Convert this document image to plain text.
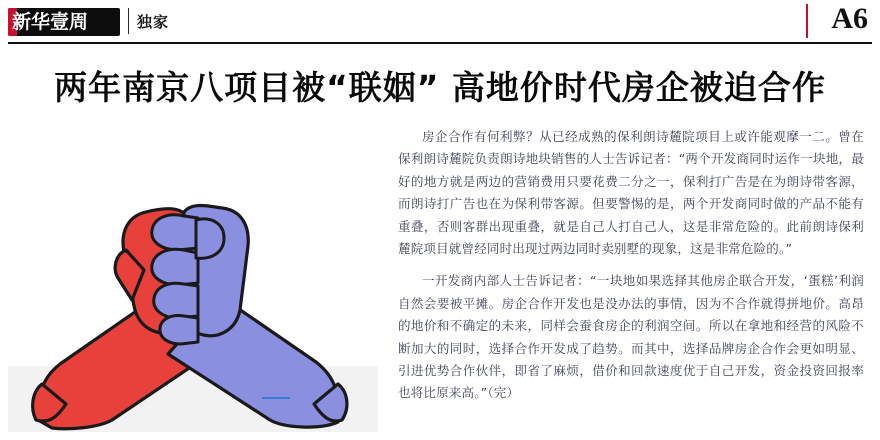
新华壹周	独家	A6
两年南京八项目被“联姻” 高地价时代房企被迫合作

房企合作有何利弊？从已经成熟的保利朗诗麓院项目上或许能观摩一二。曾在保利朗诗麓院负责朗诗地块销售的人士告诉记者：“两个开发商同时运作一块地，最好的地方就是两边的营销费用只要花费二分之一，保利打广告是在为朗诗带客源，而朗诗打广告也在为保利带客源。但要警惕的是，两个开发商同时做的产品不能有重叠，否则客群出现重叠，就是自己人打自己人，这是非常危险的。此前朗诗保利麓院项目就曾经同时出现过两边同时卖别墅的现象，这是非常危险的。”

一开发商内部人士告诉记者：“一块地如果选择其他房企联合开发，‘蛋糕’利润自然会要被平摊。房企合作开发也是没办法的事情，因为不合作就得拼地价。高昂的地价和不确定的未来，同样会蚕食房企的利润空间。所以在拿地和经营的风险不断加大的同时，选择合作开发成了趋势。而其中，选择品牌房企合作会更如明显、引进优势合作伙伴，即省了麻烦，借价和回款速度优于自己开发，资金投资回报率也将比原来高。”（完）
